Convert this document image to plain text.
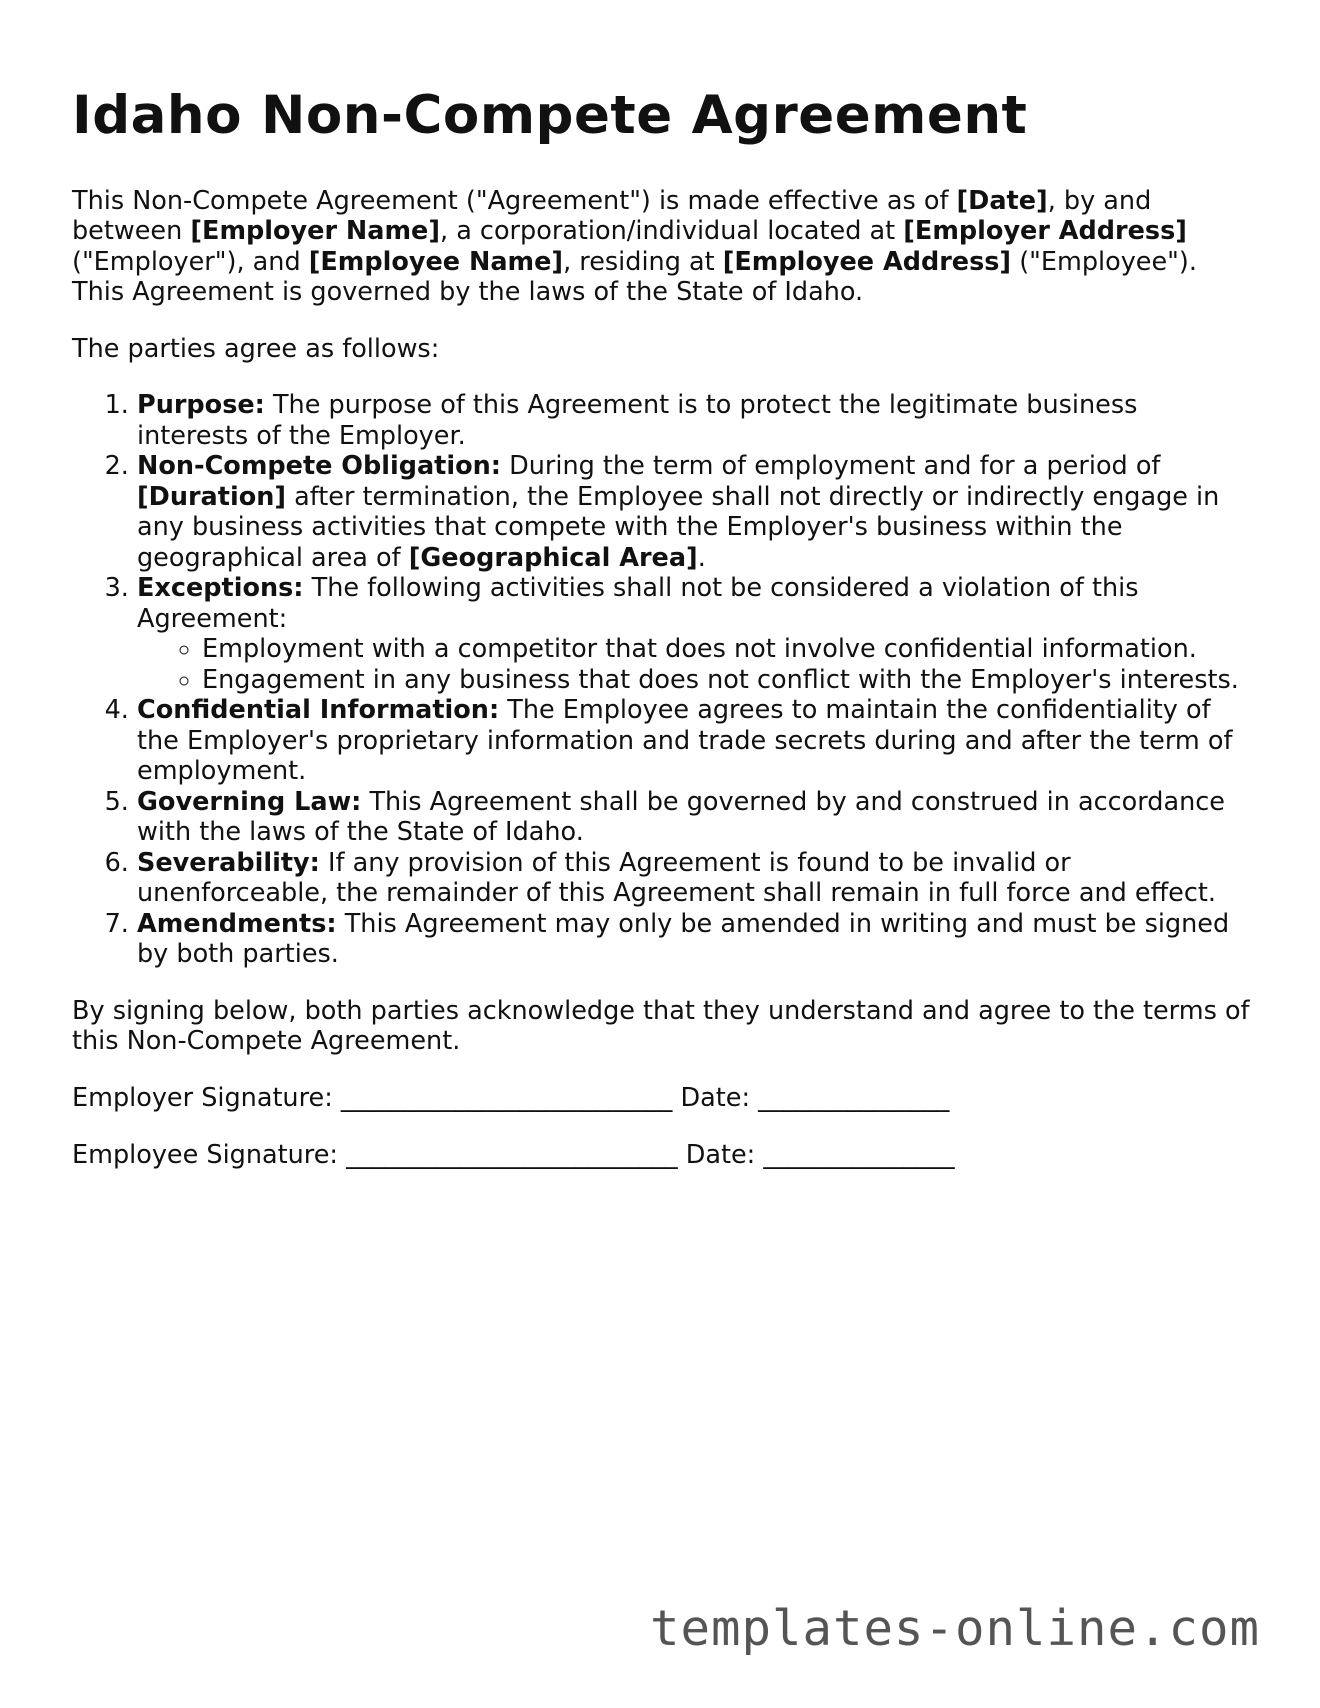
Idaho Non-Compete Agreement

This Non-Compete Agreement ("Agreement") is made effective as of [Date], by and between [Employer Name], a corporation/individual located at [Employer Address] ("Employer"), and [Employee Name], residing at [Employee Address] ("Employee"). This Agreement is governed by the laws of the State of Idaho.

The parties agree as follows:

1. Purpose: The purpose of this Agreement is to protect the legitimate business interests of the Employer.
2. Non-Compete Obligation: During the term of employment and for a period of [Duration] after termination, the Employee shall not directly or indirectly engage in any business activities that compete with the Employer's business within the geographical area of [Geographical Area].
3. Exceptions: The following activities shall not be considered a violation of this Agreement:
◦ Employment with a competitor that does not involve confidential information.
◦ Engagement in any business that does not conflict with the Employer's interests.
4. Confidential Information: The Employee agrees to maintain the confidentiality of the Employer's proprietary information and trade secrets during and after the term of employment.
5. Governing Law: This Agreement shall be governed by and construed in accordance with the laws of the State of Idaho.
6. Severability: If any provision of this Agreement is found to be invalid or unenforceable, the remainder of this Agreement shall remain in full force and effect.
7. Amendments: This Agreement may only be amended in writing and must be signed by both parties.

By signing below, both parties acknowledge that they understand and agree to the terms of this Non-Compete Agreement.

Employer Signature: __________________________ Date: _______________

Employee Signature: __________________________ Date: _______________

templates-online.com
